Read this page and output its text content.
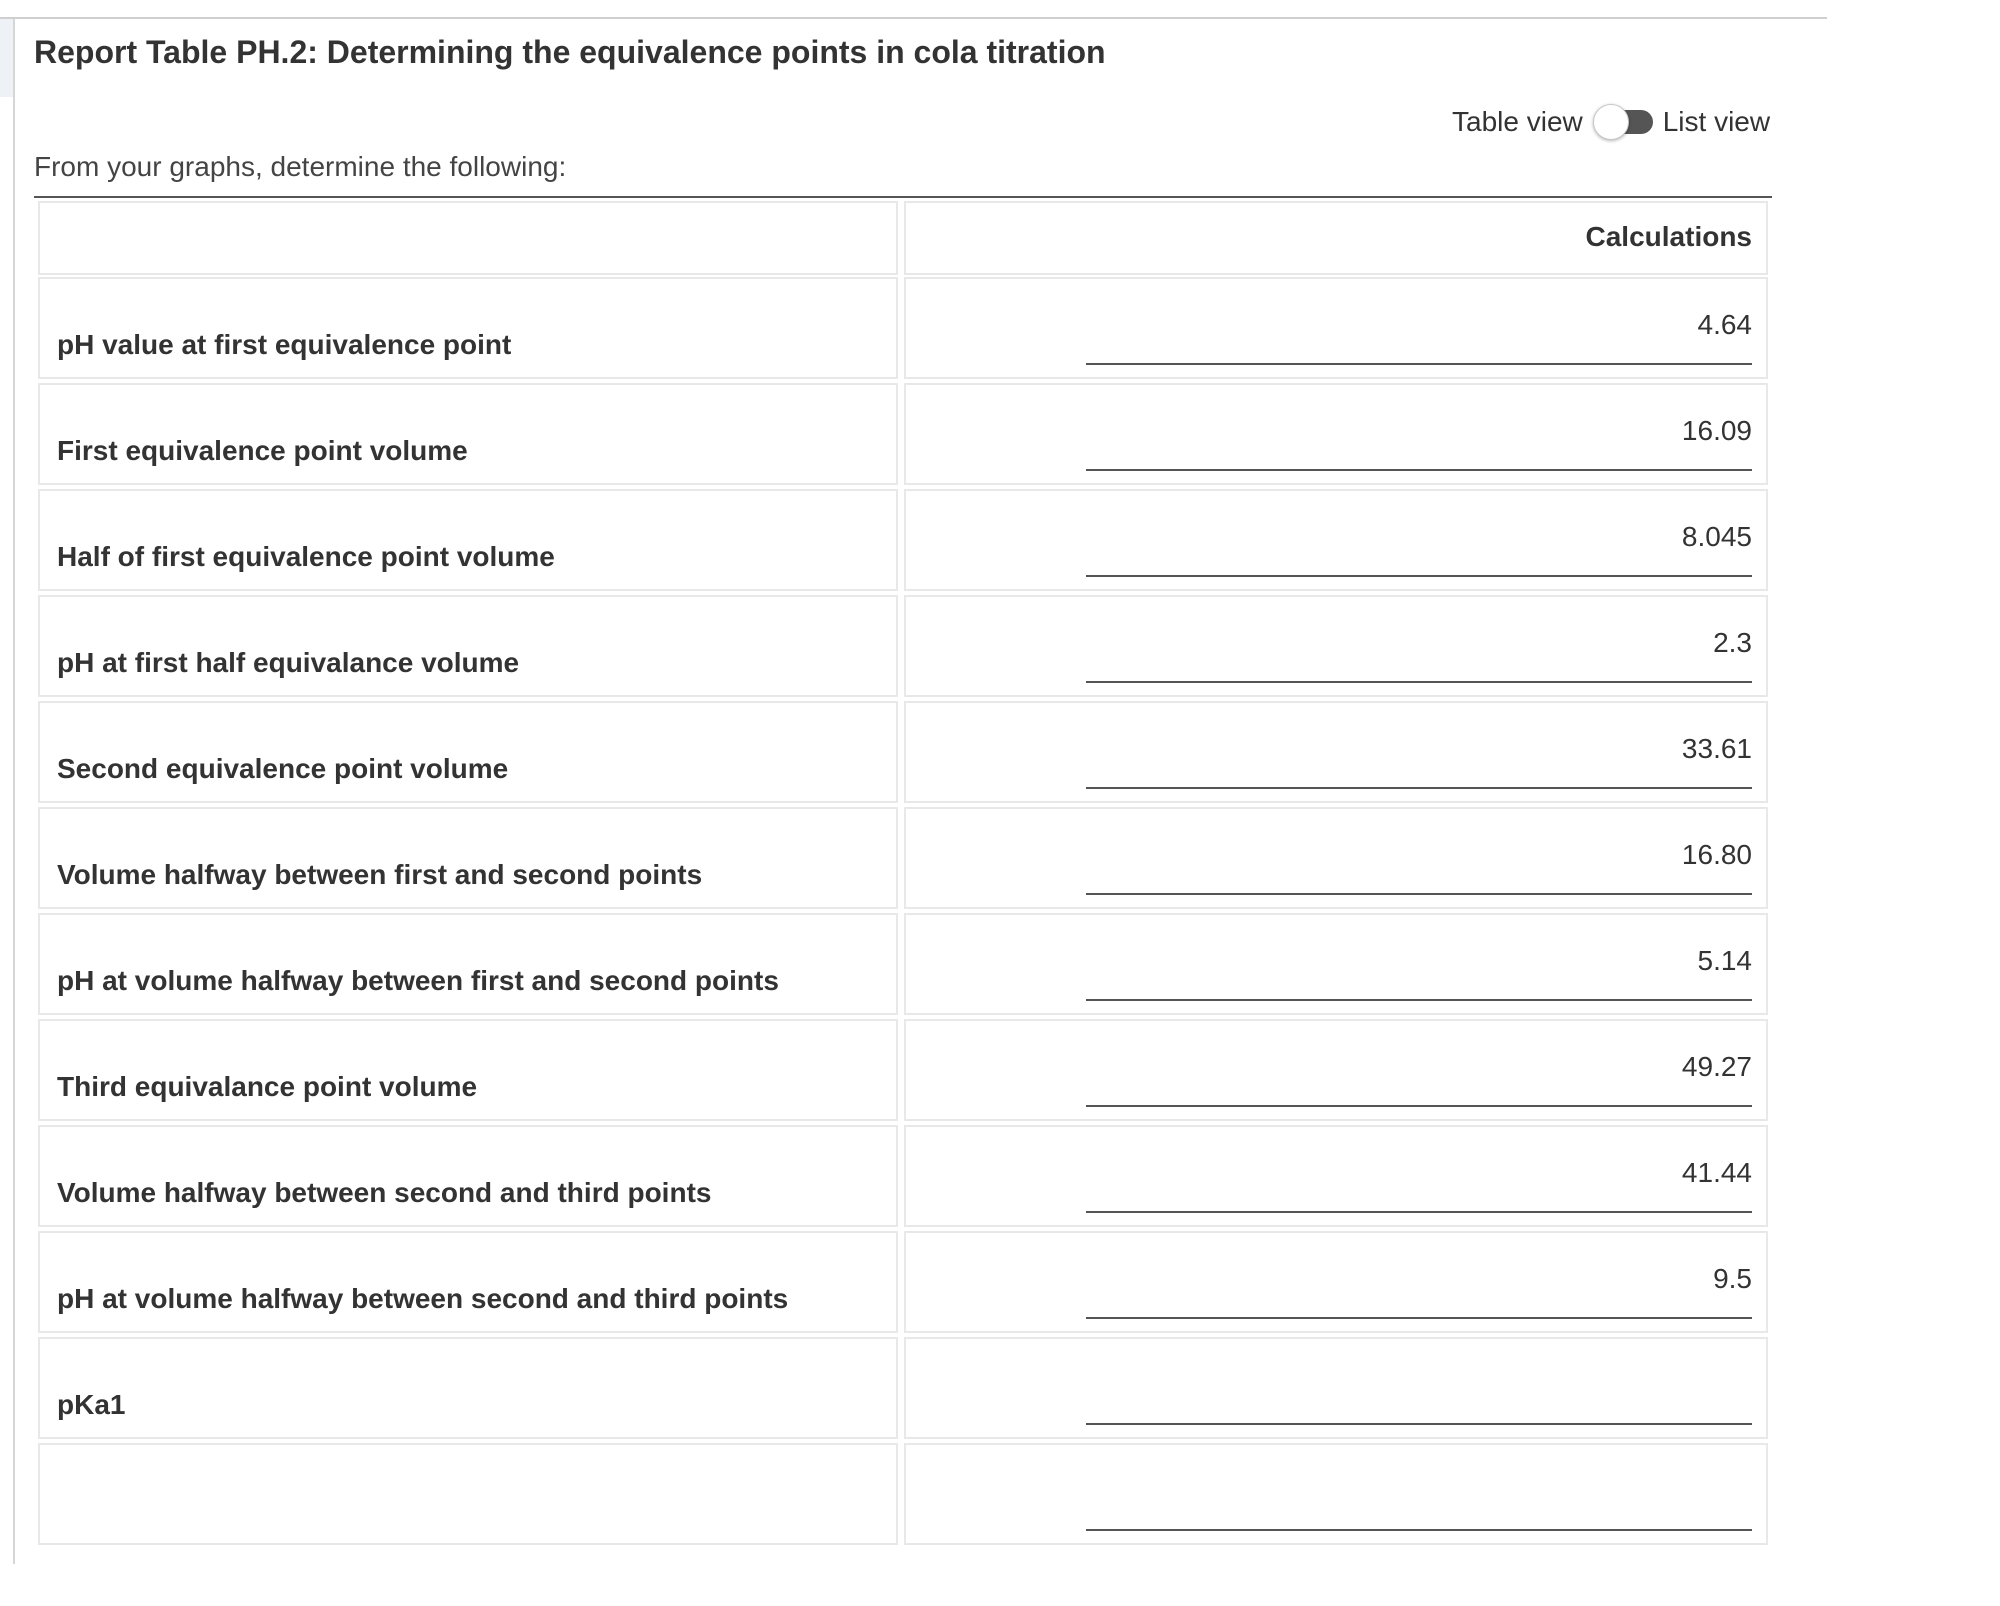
Report Table PH.2: Determining the equivalence points in cola titration
Table view	List view
From your graphs, determine the following:
Calculations
pH value at first equivalence point
4.64
First equivalence point volume
16.09
Half of first equivalence point volume
8.045
pH at first half equivalance volume
2.3
Second equivalence point volume
33.61
Volume halfway between first and second points
16.80
pH at volume halfway between first and second points
5.14
Third equivalance point volume
49.27
Volume halfway between second and third points
41.44
pH at volume halfway between second and third points
9.5
pKa1
